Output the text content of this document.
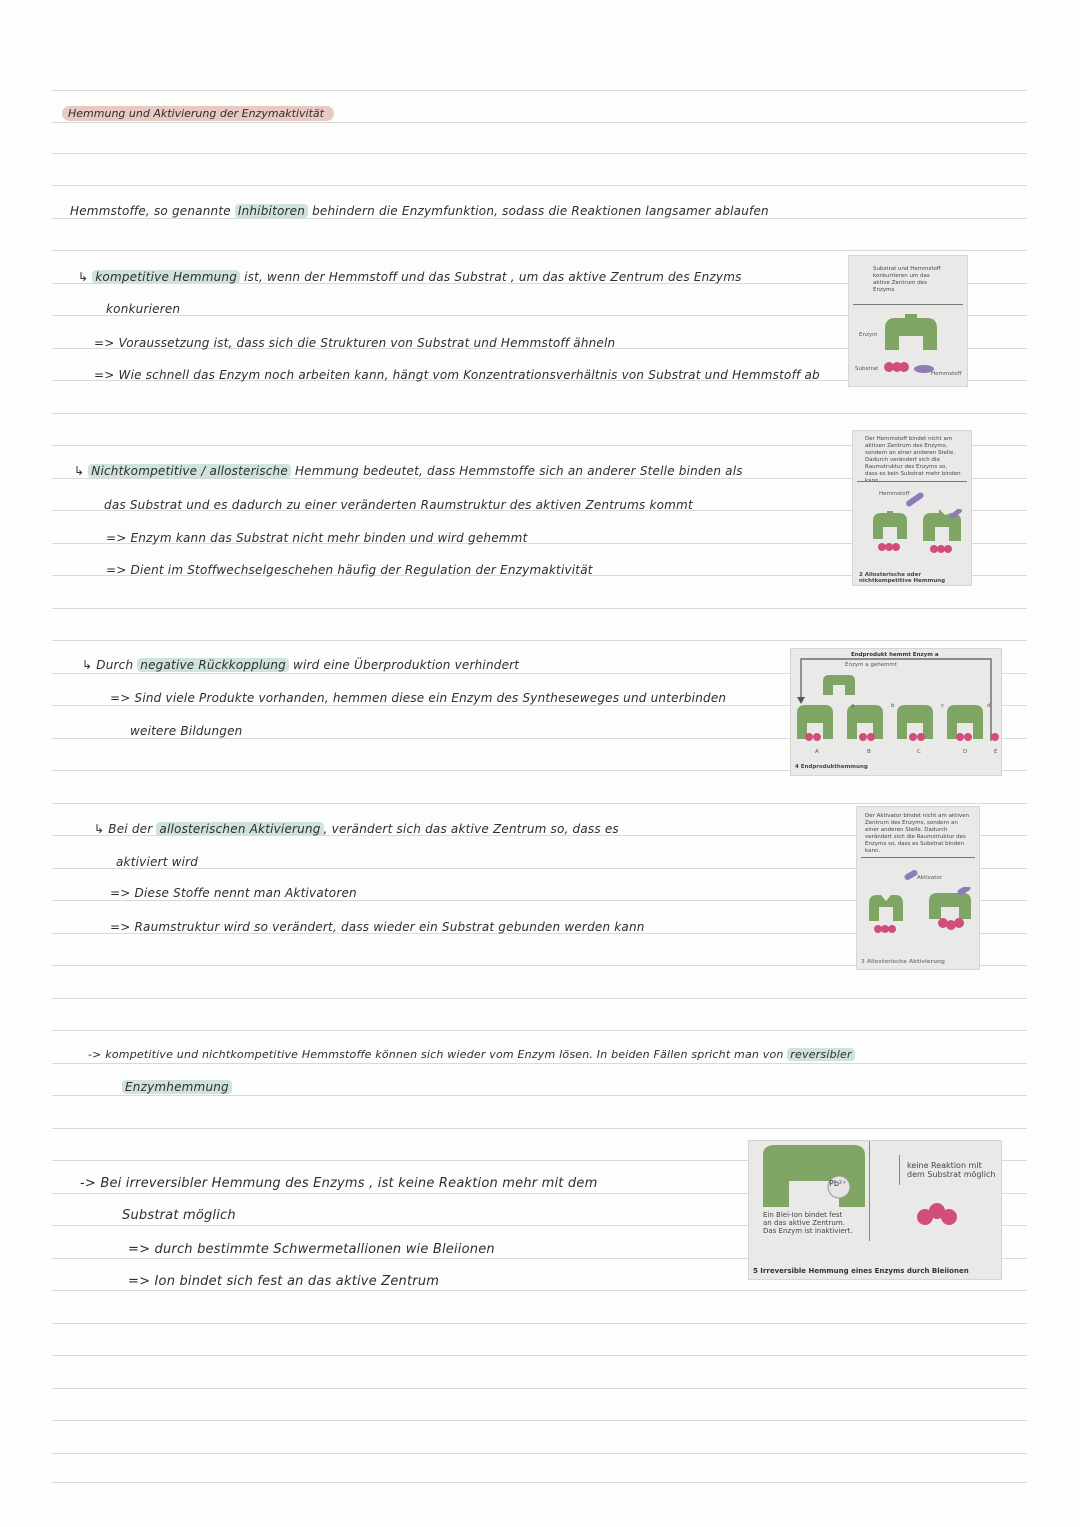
Hemmung und Aktivierung der Enzymaktivität
Hemmstoffe, so genannte Inhibitoren behindern die Enzymfunktion, sodass die Reaktionen langsamer ablaufen
↳ kompetitive Hemmung ist, wenn der Hemmstoff und das Substrat , um das aktive Zentrum des Enzyms
konkurieren
=> Voraussetzung ist, dass sich die Strukturen von Substrat und Hemmstoff ähneln
=> Wie schnell das Enzym noch arbeiten kann, hängt vom Konzentrationsverhältnis von Substrat und Hemmstoff ab
↳ Nichtkompetitive / allosterische Hemmung bedeutet, dass Hemmstoffe sich an anderer Stelle binden als
das Substrat und es dadurch zu einer veränderten Raumstruktur des aktiven Zentrums kommt
=> Enzym kann das Substrat nicht mehr binden und wird gehemmt
=> Dient im Stoffwechselgeschehen häufig der Regulation der Enzymaktivität
↳ Durch negative Rückkopplung wird eine Überproduktion verhindert
=> Sind viele Produkte vorhanden, hemmen diese ein Enzym des Syntheseweges und unterbinden
weitere Bildungen
↳ Bei der allosterischen Aktivierung , verändert sich das aktive Zentrum so, dass es
aktiviert wird
=> Diese Stoffe nennt man Aktivatoren
=> Raumstruktur wird so verändert, dass wieder ein Substrat gebunden werden kann
-> kompetitive und nichtkompetitive Hemmstoffe können sich wieder vom Enzym lösen. In beiden Fällen spricht man von reversibler
Enzymhemmung
-> Bei irreversibler Hemmung des Enzyms , ist keine Reaktion mehr mit dem
Substrat möglich
=> durch bestimmte Schwermetallionen wie Bleiionen
=> Ion bindet sich fest an das aktive Zentrum
Substrat und Hemmstoff konkurrieren um das aktive Zentrum des Enzyms
Enzym
Substrat
Hemmstoff
Der Hemmstoff bindet nicht am aktiven Zentrum des Enzyms, sondern an einer anderen Stelle. Dadurch verändert sich die Raumstruktur des Enzyms so, dass es kein Substrat mehr binden
Hemmstoff
2 Allosterische oder nichtkompetitive Hemmung
Endprodukt hemmt Enzym a
Enzym a gehemmt
a	b	c	d
A	B	C	D	E
4 Endprodukthemmung
Der Aktivator bindet nicht am aktiven Zentrum des Enzyms, sondern an einer anderen Stelle. Dadurch verändert sich die Raumstruktur des Enzyms so, dass es Substrat binden kann.
Aktivator
3 Allosterische Aktivierung
Pb²⁺
keine Reaktion mit dem Substrat möglich
Ein Blei-Ion bindet fest an das aktive Zentrum. Das Enzym ist inaktiviert.
5 Irreversible Hemmung eines Enzyms durch Bleiionen
